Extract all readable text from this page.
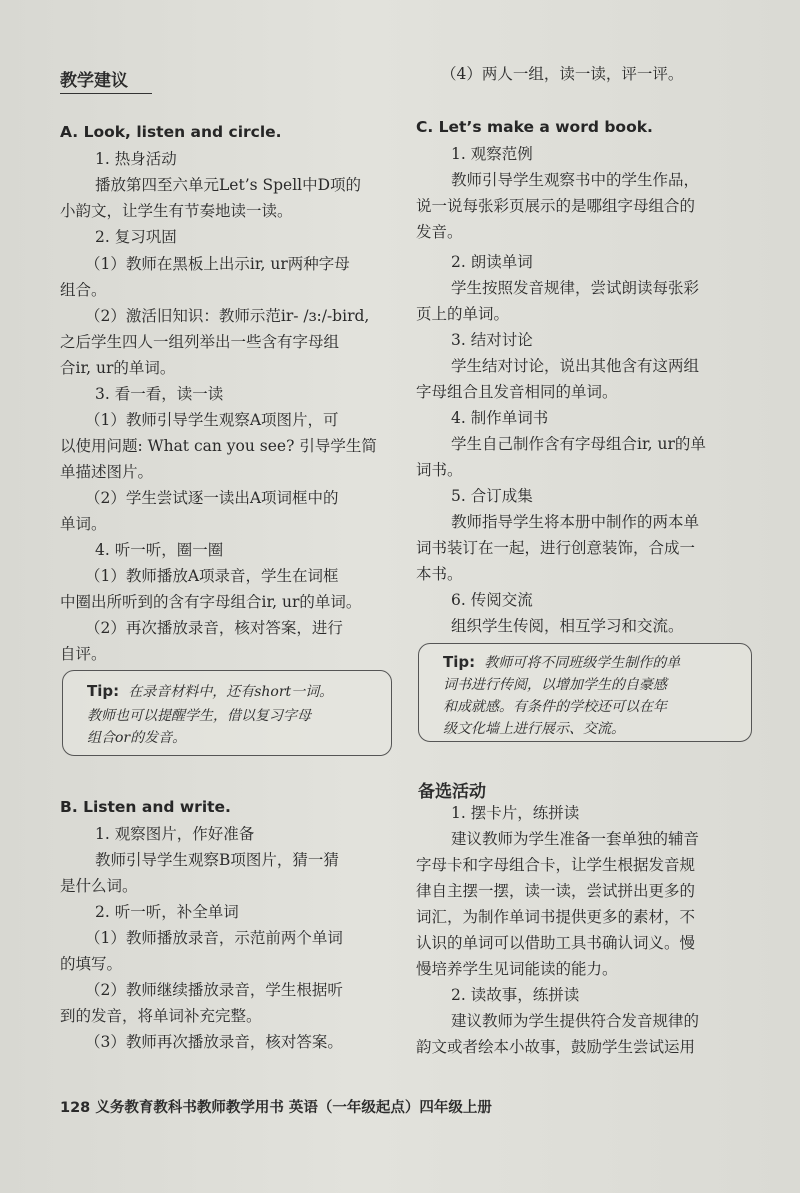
教学建议
A. Look, listen and circle.
1. 热身活动
播放第四至六单元Let’s Spell中D项的
小韵文，让学生有节奏地读一读。
2. 复习巩固
（1）教师在黑板上出示ir, ur两种字母
组合。
（2）激活旧知识：教师示范ir- /ɜ:/-bird,
之后学生四人一组列举出一些含有字母组
合ir, ur的单词。
3. 看一看，读一读
（1）教师引导学生观察A项图片，可
以使用问题: What can you see? 引导学生简
单描述图片。
（2）学生尝试逐一读出A项词框中的
单词。
4. 听一听，圈一圈
（1）教师播放A项录音，学生在词框
中圈出所听到的含有字母组合ir, ur的单词。
（2）再次播放录音，核对答案，进行
自评。
Tip: 在录音材料中，还有short一词。
教师也可以提醒学生，借以复习字母
组合or的发音。
B. Listen and write.
1. 观察图片，作好准备
教师引导学生观察B项图片，猜一猜
是什么词。
2. 听一听，补全单词
（1）教师播放录音，示范前两个单词
的填写。
（2）教师继续播放录音，学生根据听
到的发音，将单词补充完整。
（3）教师再次播放录音，核对答案。
（4）两人一组，读一读，评一评。
C. Let’s make a word book.
1. 观察范例
教师引导学生观察书中的学生作品，
说一说每张彩页展示的是哪组字母组合的
发音。
2. 朗读单词
学生按照发音规律，尝试朗读每张彩
页上的单词。
3. 结对讨论
学生结对讨论，说出其他含有这两组
字母组合且发音相同的单词。
4. 制作单词书
学生自己制作含有字母组合ir, ur的单
词书。
5. 合订成集
教师指导学生将本册中制作的两本单
词书装订在一起，进行创意装饰，合成一
本书。
6. 传阅交流
组织学生传阅，相互学习和交流。
Tip: 教师可将不同班级学生制作的单
词书进行传阅，以增加学生的自豪感
和成就感。有条件的学校还可以在年
级文化墙上进行展示、交流。
备选活动
1. 摆卡片，练拼读
建议教师为学生准备一套单独的辅音
字母卡和字母组合卡，让学生根据发音规
律自主摆一摆，读一读，尝试拼出更多的
词汇，为制作单词书提供更多的素材，不
认识的单词可以借助工具书确认词义。慢
慢培养学生见词能读的能力。
2. 读故事，练拼读
建议教师为学生提供符合发音规律的
韵文或者绘本小故事，鼓励学生尝试运用
128 义务教育教科书教师教学用书 英语（一年级起点）四年级上册
